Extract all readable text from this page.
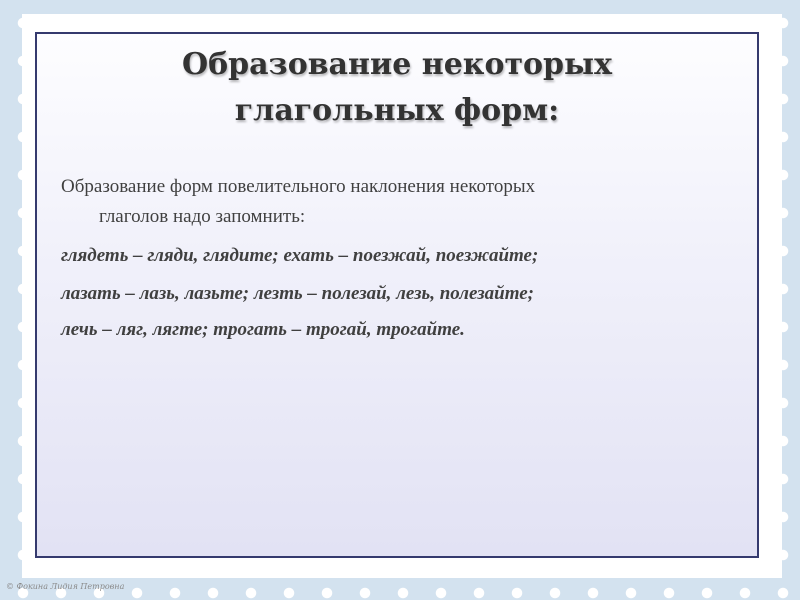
Образование некоторых
глагольных форм:

Образование форм повелительного наклонения некоторых
глаголов надо запомнить:

глядеть – гляди, глядите; ехать – поезжай, поезжайте;

лазать – лазь, лазьте; лезть – полезай, лезь, полезайте;

лечь – ляг, лягте; трогать – трогай, трогайте.

© Фокина Лидия Петровна
